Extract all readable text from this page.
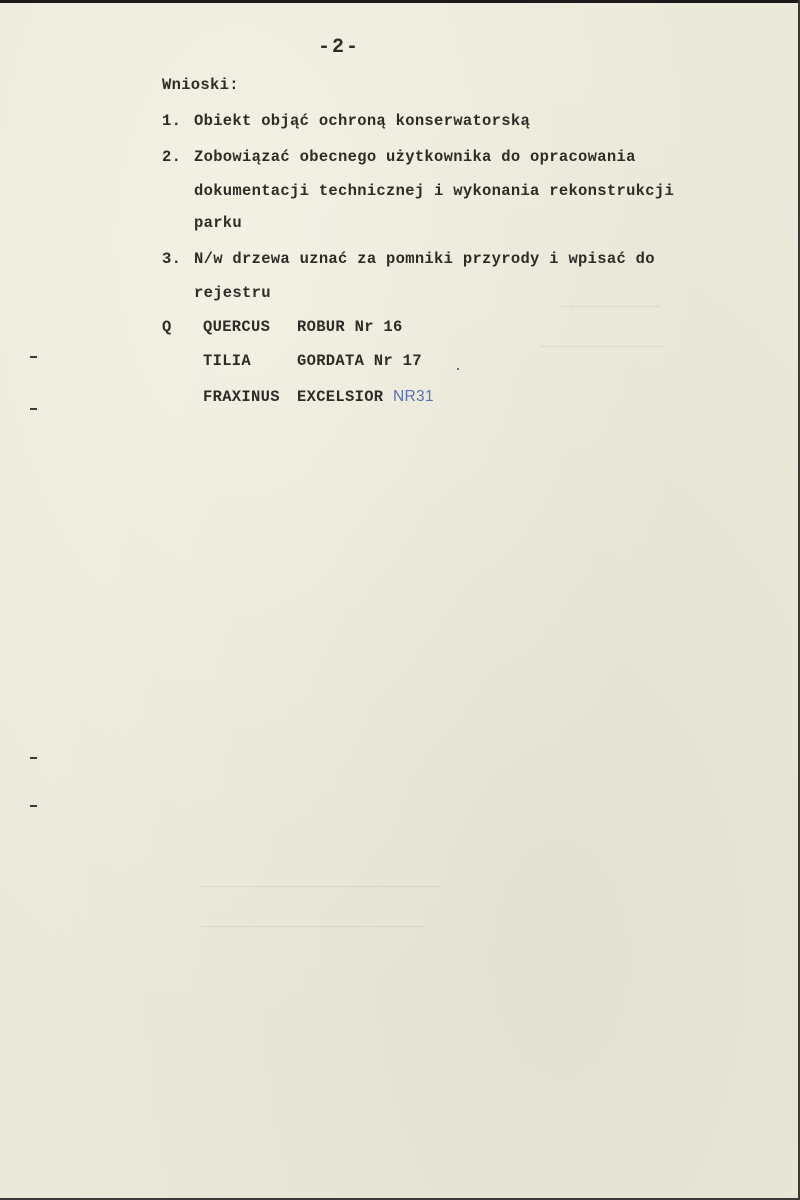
~~~~~~~~~~~~~
~~~~~~~~~~~~~~~~
~~~~~~~~~~~~~~~~~~~~~~~~~~~~~~~
~~~~~~~~~~~~~~~~~~~~~~~~~~~~~
-2-
Wnioski:
1. Obiekt objąć ochroną konserwatorską
2. Zobowiązać obecnego użytkownika do opracowania
dokumentacji technicznej i wykonania rekonstrukcji
parku
3. N/w drzewa uznać za pomniki przyrody i wpisać do
rejestru
Q QUERCUS ROBUR Nr 16
TILIA	GORDATA Nr 17
FRAXINUS EXCELSIOR NR31
